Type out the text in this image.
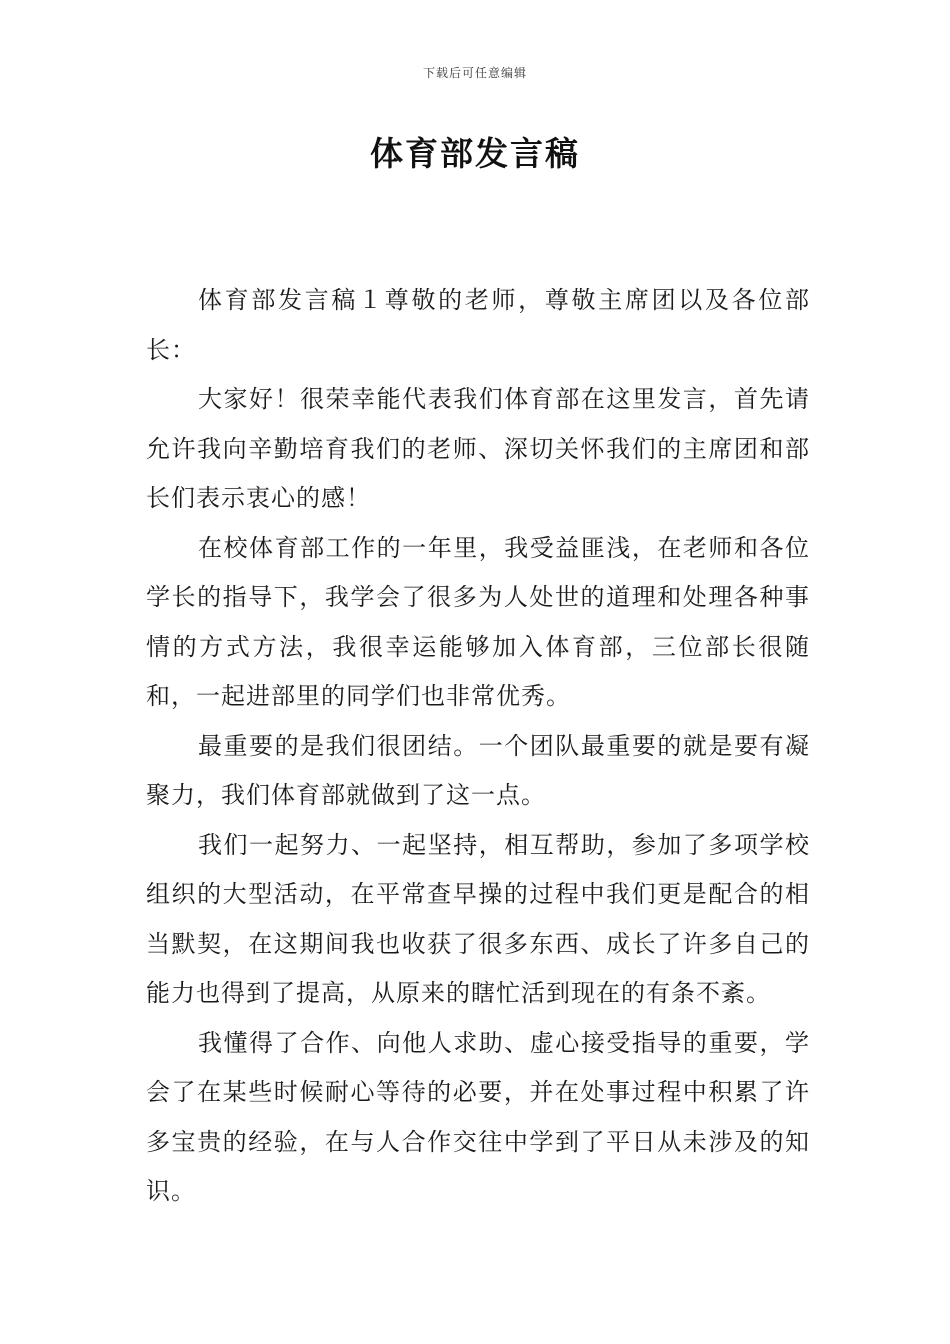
下载后可任意编辑
体育部发言稿

体育部发言稿１尊敬的老师，尊敬主席团以及各位部长：

大家好！很荣幸能代表我们体育部在这里发言，首先请允许我向辛勤培育我们的老师、深切关怀我们的主席团和部长们表示衷心的感！

在校体育部工作的一年里，我受益匪浅，在老师和各位学长的指导下，我学会了很多为人处世的道理和处理各种事情的方式方法，我很幸运能够加入体育部，三位部长很随和，一起进部里的同学们也非常优秀。

最重要的是我们很团结。一个团队最重要的就是要有凝聚力，我们体育部就做到了这一点。

我们一起努力、一起坚持，相互帮助，参加了多项学校组织的大型活动，在平常查早操的过程中我们更是配合的相当默契，在这期间我也收获了很多东西、成长了许多自己的能力也得到了提高，从原来的瞎忙活到现在的有条不紊。

我懂得了合作、向他人求助、虚心接受指导的重要，学会了在某些时候耐心等待的必要，并在处事过程中积累了许多宝贵的经验，在与人合作交往中学到了平日从未涉及的知识。
